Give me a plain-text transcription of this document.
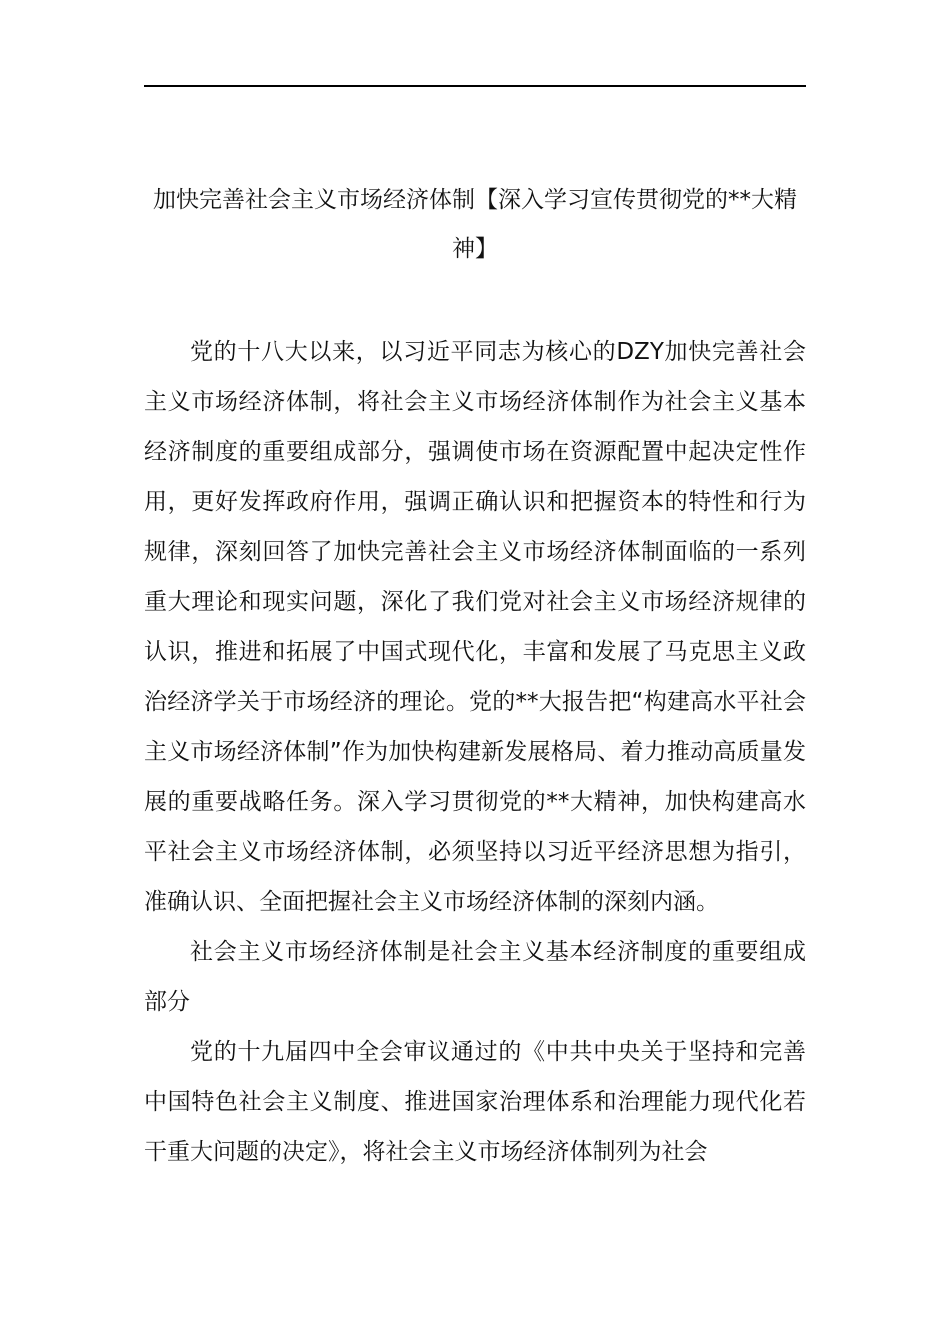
加快完善社会主义市场经济体制【深入学习宣传贯彻党的**大精神】

党的十八大以来，以习近平同志为核心的DZY加快完善社会主义市场经济体制，将社会主义市场经济体制作为社会主义基本经济制度的重要组成部分，强调使市场在资源配置中起决定性作用，更好发挥政府作用，强调正确认识和把握资本的特性和行为规律，深刻回答了加快完善社会主义市场经济体制面临的一系列重大理论和现实问题，深化了我们党对社会主义市场经济规律的认识，推进和拓展了中国式现代化，丰富和发展了马克思主义政治经济学关于市场经济的理论。党的**大报告把“构建高水平社会主义市场经济体制”作为加快构建新发展格局、着力推动高质量发展的重要战略任务。深入学习贯彻党的**大精神，加快构建高水平社会主义市场经济体制，必须坚持以习近平经济思想为指引，准确认识、全面把握社会主义市场经济体制的深刻内涵。

社会主义市场经济体制是社会主义基本经济制度的重要组成部分

党的十九届四中全会审议通过的《中共中央关于坚持和完善中国特色社会主义制度、推进国家治理体系和治理能力现代化若干重大问题的决定》，将社会主义市场经济体制列为社会
